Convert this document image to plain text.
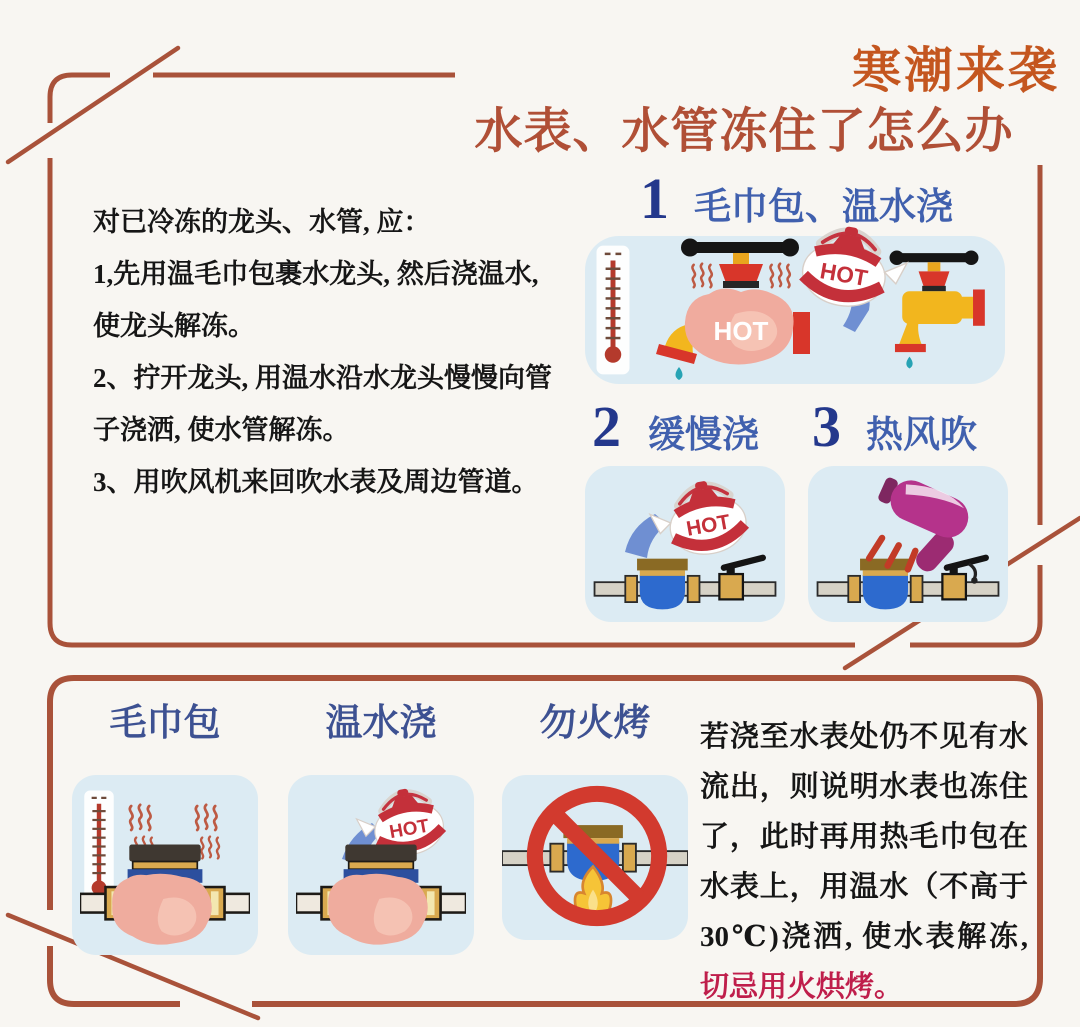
寒潮来袭
水表、水管冻住了怎么办
对已冷冻的龙头、水管, 应：
1,先用温毛巾包裹水龙头, 然后浇温水,
使龙头解冻。
2、拧开龙头, 用温水沿水龙头慢慢向管
子浇洒, 使水管解冻。
3、用吹风机来回吹水表及周边管道。
1 毛巾包、温水浇
HOT
2 缓慢浇 3 热风吹
毛巾包	温水浇	勿火烤	若浇至水表处仍不见有水流出，则说明水表也冻住了，此时再用热毛巾包在水表上，用温水（不高于30℃)浇洒, 使水表解冻, 切忌用火烘烤。
